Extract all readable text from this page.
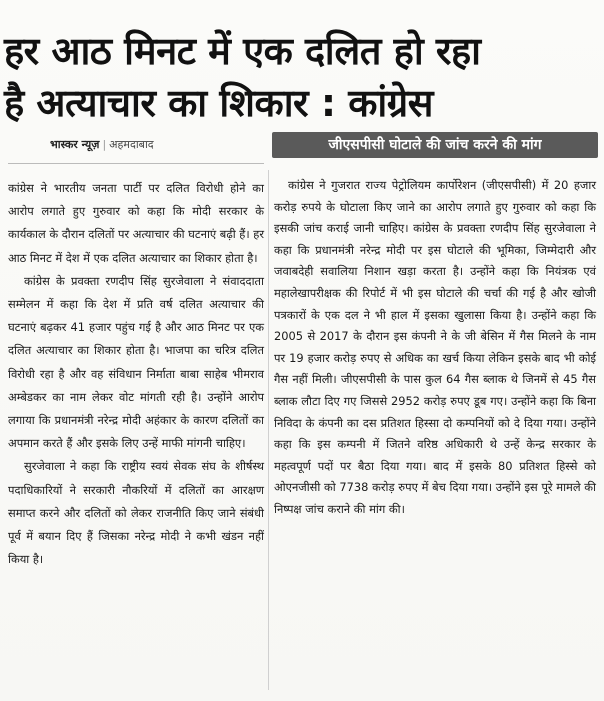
हर आठ मिनट में एक दलित हो रहा
है अत्याचार का शिकार : कांग्रेस
भास्कर न्यूज़ | अहमदाबाद	जीएसपीसी घोटाले की जांच करने की मांग

कांग्रेस ने भारतीय जनता पार्टी पर दलित विरोधी होने का आरोप लगाते हुए गुरुवार को कहा कि मोदी सरकार के कार्यकाल के दौरान दलितों पर अत्याचार की घटनाएं बढ़ी हैं। हर आठ मिनट में देश में एक दलित अत्याचार का शिकार होता है।

कांग्रेस के प्रवक्ता रणदीप सिंह सुरजेवाला ने संवाददाता सम्मेलन में कहा कि देश में प्रति वर्ष दलित अत्याचार की घटनाएं बढ़कर 41 हजार पहुंच गई है और आठ मिनट पर एक दलित अत्याचार का शिकार होता है। भाजपा का चरित्र दलित विरोधी रहा है और वह संविधान निर्माता बाबा साहेब भीमराव अम्बेडकर का नाम लेकर वोट मांगती रही है। उन्होंने आरोप लगाया कि प्रधानमंत्री नरेन्द्र मोदी अहंकार के कारण दलितों का अपमान करते हैं और इसके लिए उन्हें माफी मांगनी चाहिए।

सुरजेवाला ने कहा कि राष्ट्रीय स्वयं सेवक संघ के शीर्षस्थ पदाधिकारियों ने सरकारी नौकरियों में दलितों का आरक्षण समाप्त करने और दलितों को लेकर राजनीति किए जाने संबंधी पूर्व में बयान दिए हैं जिसका नरेन्द्र मोदी ने कभी खंडन नहीं किया है।

कांग्रेस ने गुजरात राज्य पेट्रोलियम कार्पोरेशन (जीएसपीसी) में 20 हजार करोड़ रुपये के घोटाला किए जाने का आरोप लगाते हुए गुरुवार को कहा कि इसकी जांच कराई जानी चाहिए। कांग्रेस के प्रवक्ता रणदीप सिंह सुरजेवाला ने कहा कि प्रधानमंत्री नरेन्द्र मोदी पर इस घोटाले की भूमिका, जिम्मेदारी और जवाबदेही सवालिया निशान खड़ा करता है। उन्होंने कहा कि नियंत्रक एवं महालेखापरीक्षक की रिपोर्ट में भी इस घोटाले की चर्चा की गई है और खोजी पत्रकारों के एक दल ने भी हाल में इसका खुलासा किया है। उन्होंने कहा कि 2005 से 2017 के दौरान इस कंपनी ने के जी बेसिन में गैस मिलने के नाम पर 19 हजार करोड़ रुपए से अधिक का खर्च किया लेकिन इसके बाद भी कोई गैस नहीं मिली। जीएसपीसी के पास कुल 64 गैस ब्लाक थे जिनमें से 45 गैस ब्लाक लौटा दिए गए जिससे 2952 करोड़ रुपए डूब गए। उन्होंने कहा कि बिना निविदा के कंपनी का दस प्रतिशत हिस्सा दो कम्पनियों को दे दिया गया। उन्होंने कहा कि इस कम्पनी में जितने वरिष्ठ अधिकारी थे उन्हें केन्द्र सरकार के महत्वपूर्ण पदों पर बैठा दिया गया। बाद में इसके 80 प्रतिशत हिस्से को ओएनजीसी को 7738 करोड़ रुपए में बेच दिया गया। उन्होंने इस पूरे मामले की निष्पक्ष जांच कराने की मांग की।
